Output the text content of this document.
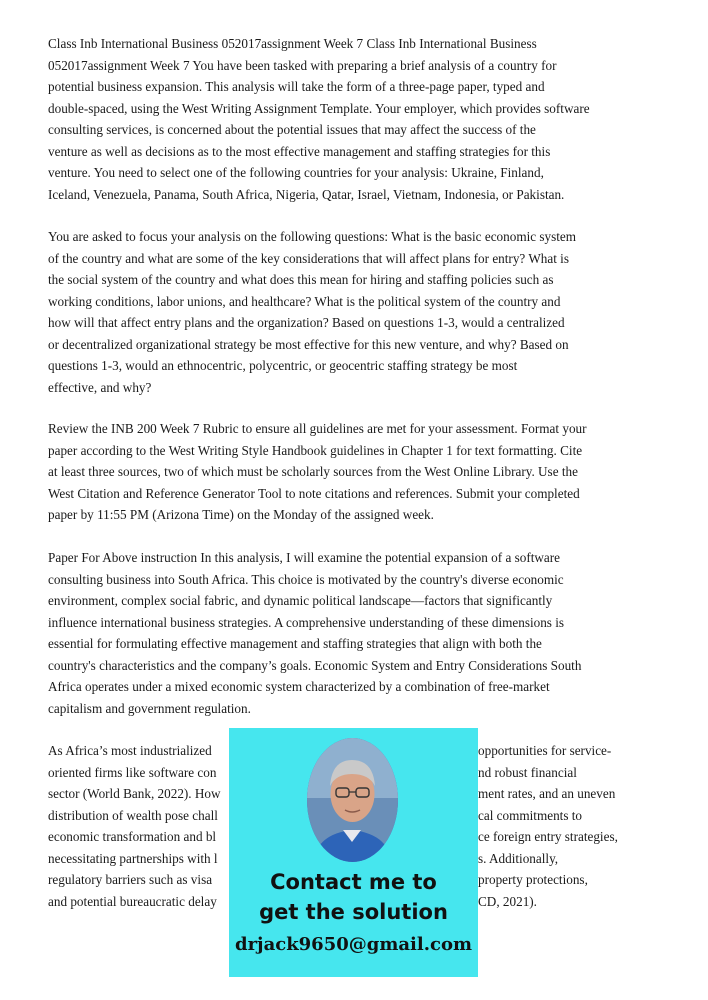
Class Inb International Business 052017assignment Week 7 Class Inb International Business
052017assignment Week 7 You have been tasked with preparing a brief analysis of a country for
potential business expansion. This analysis will take the form of a three-page paper, typed and
double-spaced, using the West Writing Assignment Template. Your employer, which provides software
consulting services, is concerned about the potential issues that may affect the success of the
venture as well as decisions as to the most effective management and staffing strategies for this
venture. You need to select one of the following countries for your analysis: Ukraine, Finland,
Iceland, Venezuela, Panama, South Africa, Nigeria, Qatar, Israel, Vietnam, Indonesia, or Pakistan.
You are asked to focus your analysis on the following questions: What is the basic economic system
of the country and what are some of the key considerations that will affect plans for entry? What is
the social system of the country and what does this mean for hiring and staffing policies such as
working conditions, labor unions, and healthcare? What is the political system of the country and
how will that affect entry plans and the organization? Based on questions 1-3, would a centralized
or decentralized organizational strategy be most effective for this new venture, and why? Based on
questions 1-3, would an ethnocentric, polycentric, or geocentric staffing strategy be most
effective, and why?
Review the INB 200 Week 7 Rubric to ensure all guidelines are met for your assessment. Format your
paper according to the West Writing Style Handbook guidelines in Chapter 1 for text formatting. Cite
at least three sources, two of which must be scholarly sources from the West Online Library. Use the
West Citation and Reference Generator Tool to note citations and references. Submit your completed
paper by 11:55 PM (Arizona Time) on the Monday of the assigned week.
Paper For Above instruction In this analysis, I will examine the potential expansion of a software
consulting business into South Africa. This choice is motivated by the country's diverse economic
environment, complex social fabric, and dynamic political landscape—factors that significantly
influence international business strategies. A comprehensive understanding of these dimensions is
essential for formulating effective management and staffing strategies that align with both the
country's characteristics and the company’s goals. Economic System and Entry Considerations South
Africa operates under a mixed economic system characterized by a combination of free-market
capitalism and government regulation.
As Africa’s most industrialized
oriented firms like software con
sector (World Bank, 2022). How
distribution of wealth pose chall
economic transformation and bl
necessitating partnerships with l
regulatory barriers such as visa
and potential bureaucratic delay
opportunities for service-
nd robust financial
ment rates, and an uneven
cal commitments to
ce foreign entry strategies,
s. Additionally,
property protections,
CD, 2021).
Contact me to
get the solution
drjack9650@gmail.com
